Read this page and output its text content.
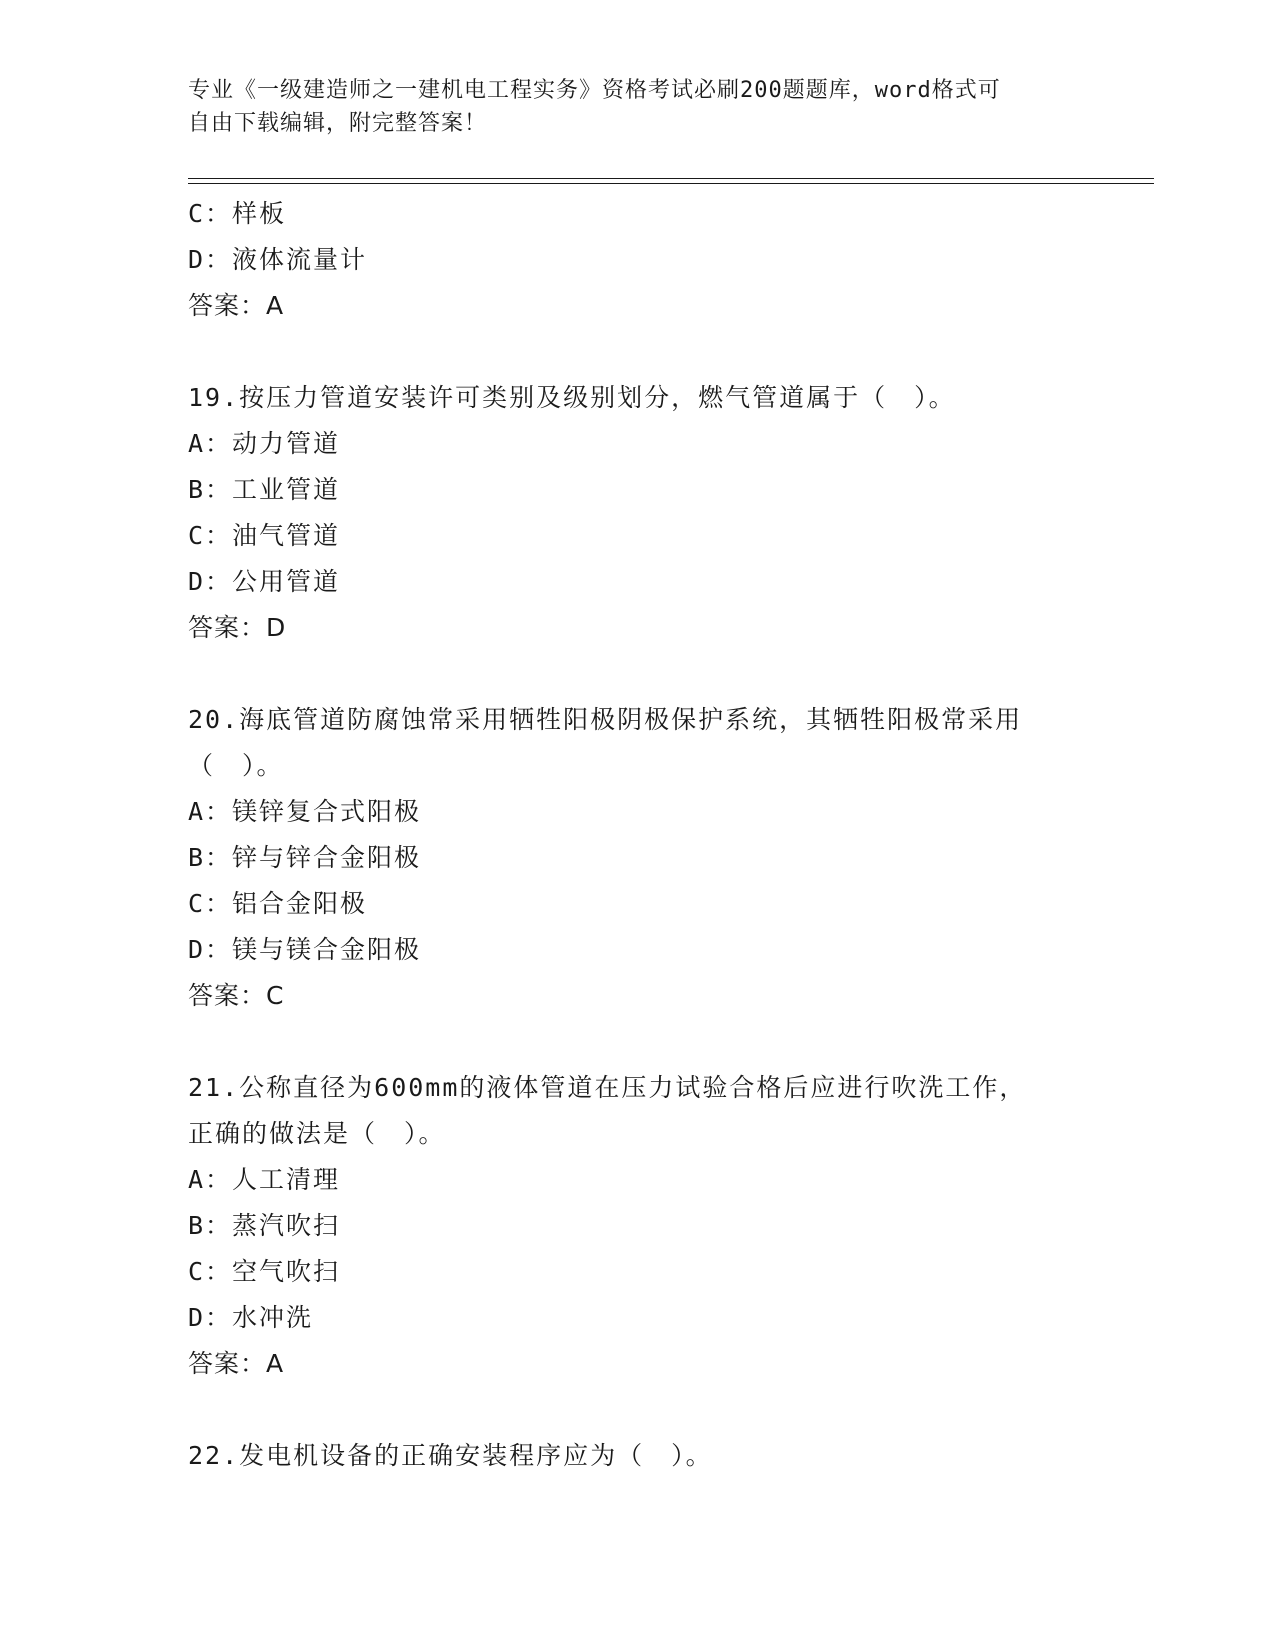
专业《一级建造师之一建机电工程实务》资格考试必刷200题题库，word格式可
自由下载编辑，附完整答案！
C：样板
D：液体流量计
答案：A
19.按压力管道安装许可类别及级别划分，燃气管道属于（　）。
A：动力管道
B：工业管道
C：油气管道
D：公用管道
答案：D
20.海底管道防腐蚀常采用牺牲阳极阴极保护系统，其牺牲阳极常采用
（　）。
A：镁锌复合式阳极
B：锌与锌合金阳极
C：铝合金阳极
D：镁与镁合金阳极
答案：C
21.公称直径为600mm的液体管道在压力试验合格后应进行吹洗工作，
正确的做法是（　）。
A：人工清理
B：蒸汽吹扫
C：空气吹扫
D：水冲洗
答案：A
22.发电机设备的正确安装程序应为（　）。
